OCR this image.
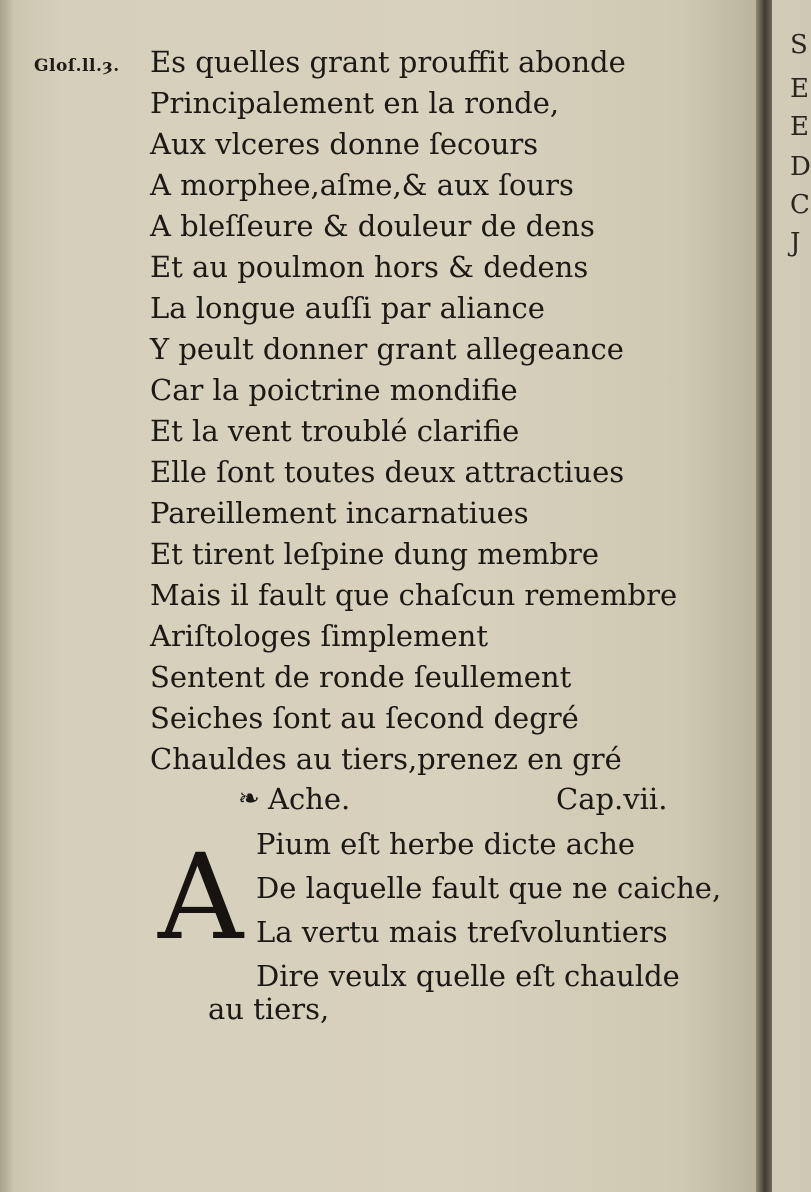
Gloſ.ll.ȝ. Es quelles grant prouffit abonde
Principalement en la ronde,
Aux vlceres donne ſecours
A morphee,aſme,& aux ſours
A bleſſeure & douleur de dens
Et au poulmon hors & dedens
La longue auſſi par aliance
Y peult donner grant allegeance
Car la poictrine mondifie
Et la vent troublé clarifie
Elle ſont toutes deux attractiues
Pareillement incarnatiues
Et tirent leſpine dung membre
Mais il fault que chaſcun remembre
Ariſtologes ſimplement
Sentent de ronde ſeullement
Seiches ſont au ſecond degré
Chauldes au tiers,prenez en gré
❧ Ache.	Cap.vii.
A Pium eſt herbe dicte ache
De laquelle fault que ne caiche,
La vertu mais treſvoluntiers
Dire veulx quelle eſt chaulde
au tiers,
S
E
E
D
C
J
